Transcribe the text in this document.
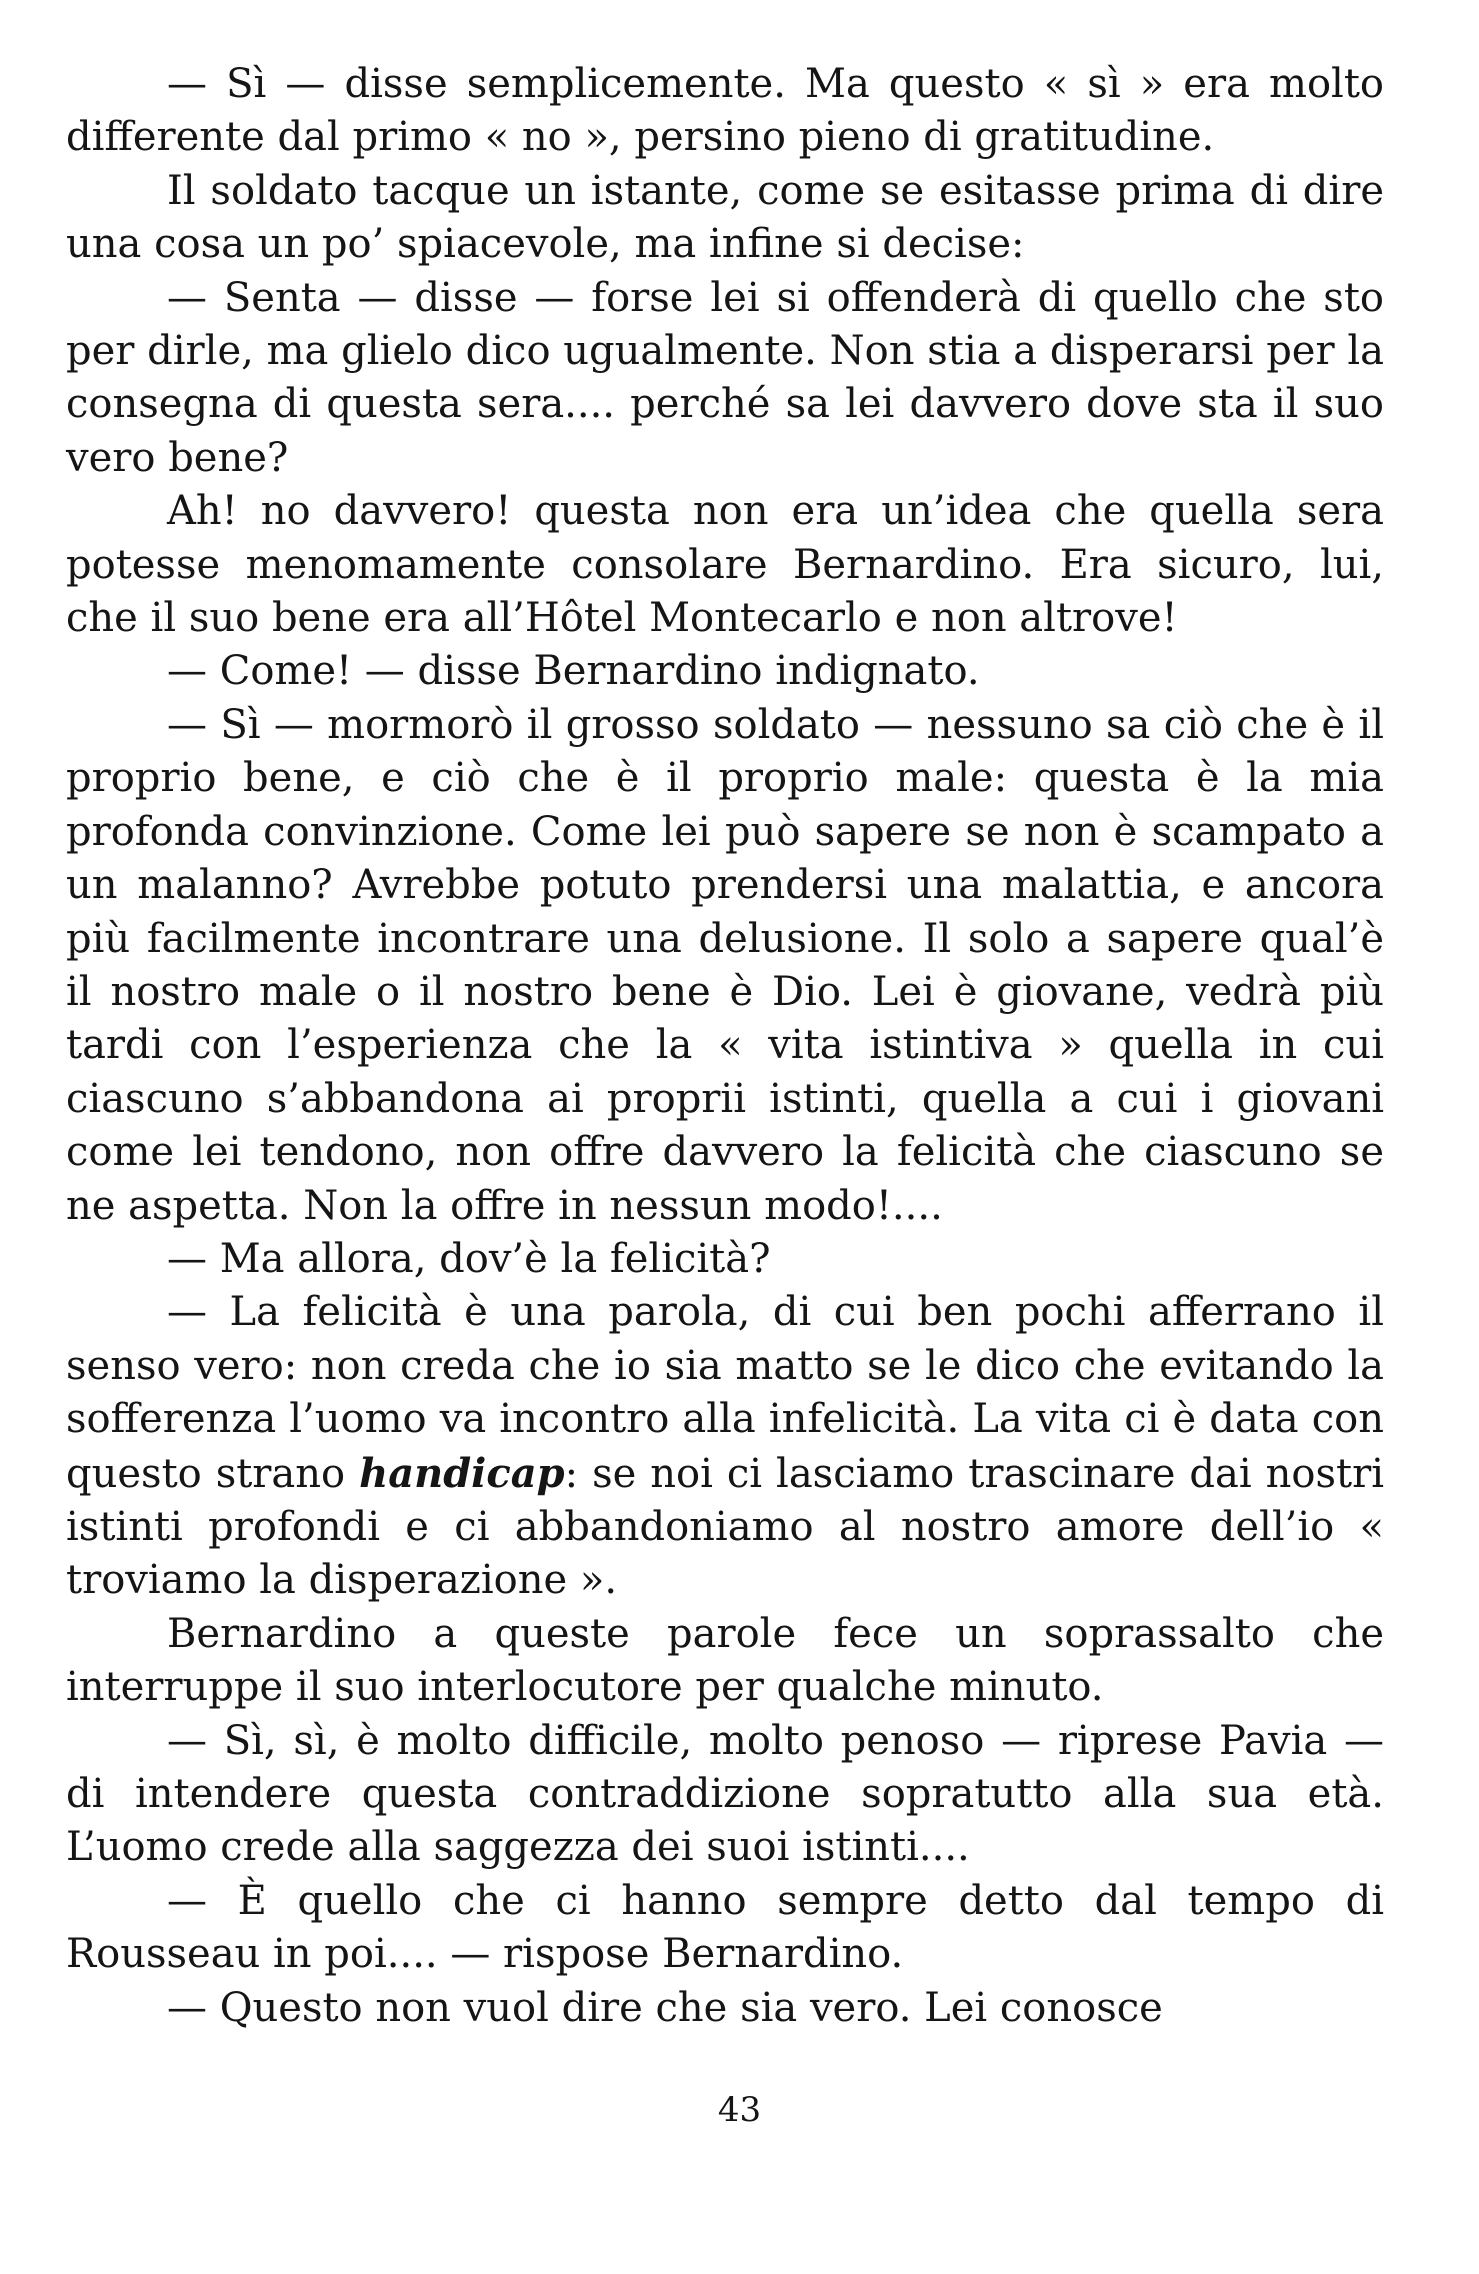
— Sì — disse semplicemente. Ma questo « sì » era molto differente dal primo « no », persino pieno di gratitudine.

Il soldato tacque un istante, come se esitasse prima di dire una cosa un po’ spiacevole, ma infine si decise:

— Senta — disse — forse lei si offenderà di quello che sto per dirle, ma glielo dico ugualmente. Non stia a disperarsi per la consegna di questa sera.... perché sa lei davvero dove sta il suo vero bene?

Ah! no davvero! questa non era un’idea che quella sera potesse menomamente consolare Bernardino. Era sicuro, lui, che il suo bene era all’Hôtel Montecarlo e non altrove!

— Come! — disse Bernardino indignato.

— Sì — mormorò il grosso soldato — nessuno sa ciò che è il proprio bene, e ciò che è il proprio male: questa è la mia profonda convinzione. Come lei può sapere se non è scampato a un malanno? Avrebbe potuto prendersi una malattia, e ancora più facilmente incontrare una delusione. Il solo a sapere qual’è il nostro male o il nostro bene è Dio. Lei è giovane, vedrà più tardi con l’esperienza che la « vita istintiva » quella in cui ciascuno s’abbandona ai proprii istinti, quella a cui i giovani come lei tendono, non offre davvero la felicità che ciascuno se ne aspetta. Non la offre in nessun modo!....

— Ma allora, dov’è la felicità?

— La felicità è una parola, di cui ben pochi afferrano il senso vero: non creda che io sia matto se le dico che evitando la sofferenza l’uomo va incontro alla infelicità. La vita ci è data con questo strano handicap: se noi ci lasciamo trascinare dai nostri istinti profondi e ci abbandoniamo al nostro amore dell’io « troviamo la disperazione ».

Bernardino a queste parole fece un soprassalto che interruppe il suo interlocutore per qualche minuto.

— Sì, sì, è molto difficile, molto penoso — riprese Pavia — di intendere questa contraddizione sopratutto alla sua età. L’uomo crede alla saggezza dei suoi istinti....

— È quello che ci hanno sempre detto dal tempo di Rousseau in poi.... — rispose Bernardino.

— Questo non vuol dire che sia vero. Lei conosce

43
